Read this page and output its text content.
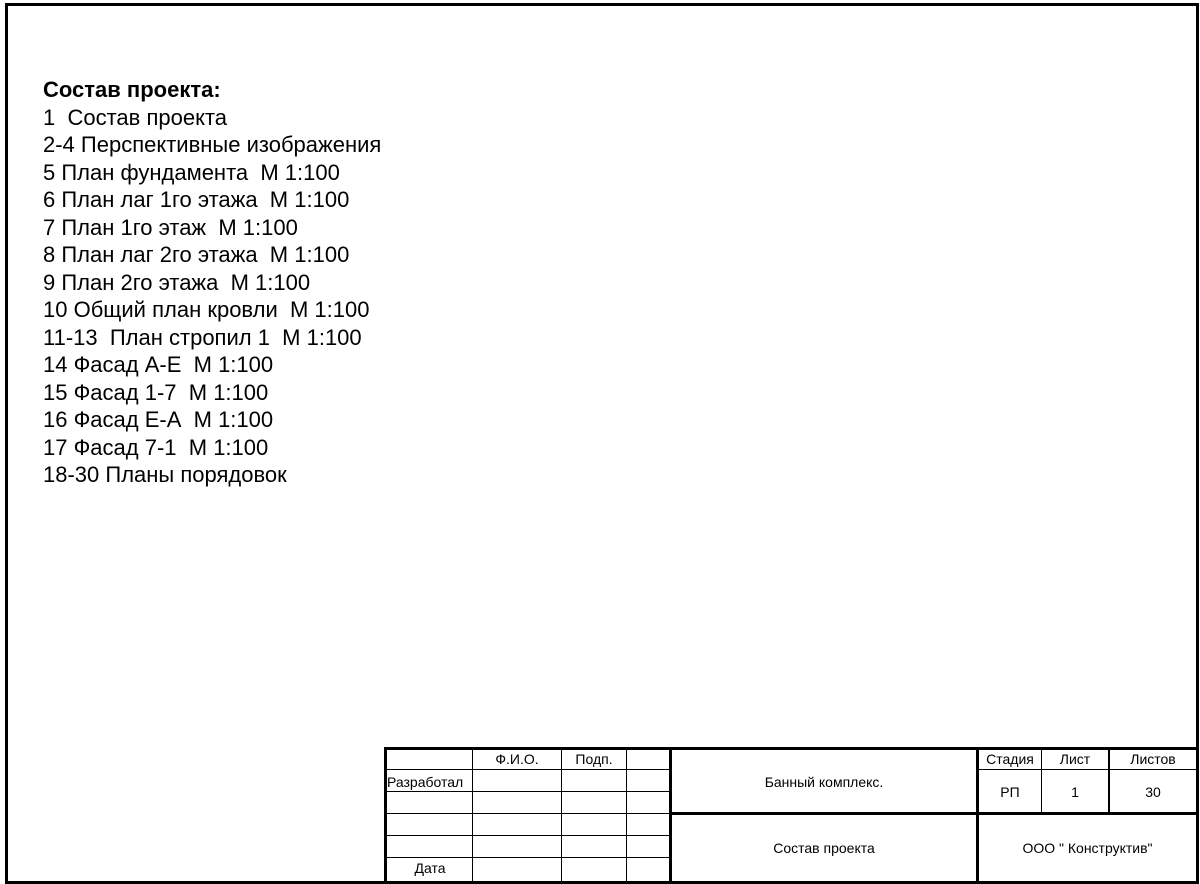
Состав проекта:
1  Состав проекта
2-4 Перспективные изображения
5 План фундамента  М 1:100
6 План лаг 1го этажа  М 1:100
7 План 1го этаж  М 1:100
8 План лаг 2го этажа  М 1:100
9 План 2го этажа  М 1:100
10 Общий план кровли  М 1:100
11-13  План стропил 1  М 1:100
14 Фасад А-Е  М 1:100
15 Фасад 1-7  М 1:100
16 Фасад Е-А  М 1:100
17 Фасад 7-1  М 1:100
18-30 Планы порядовок
Ф.И.О.	Подп.
Разработал
Дата
Банный комплекс.
Состав проекта
Стадия	Лист	Листов
РП	1	30
ООО " Конструктив"
